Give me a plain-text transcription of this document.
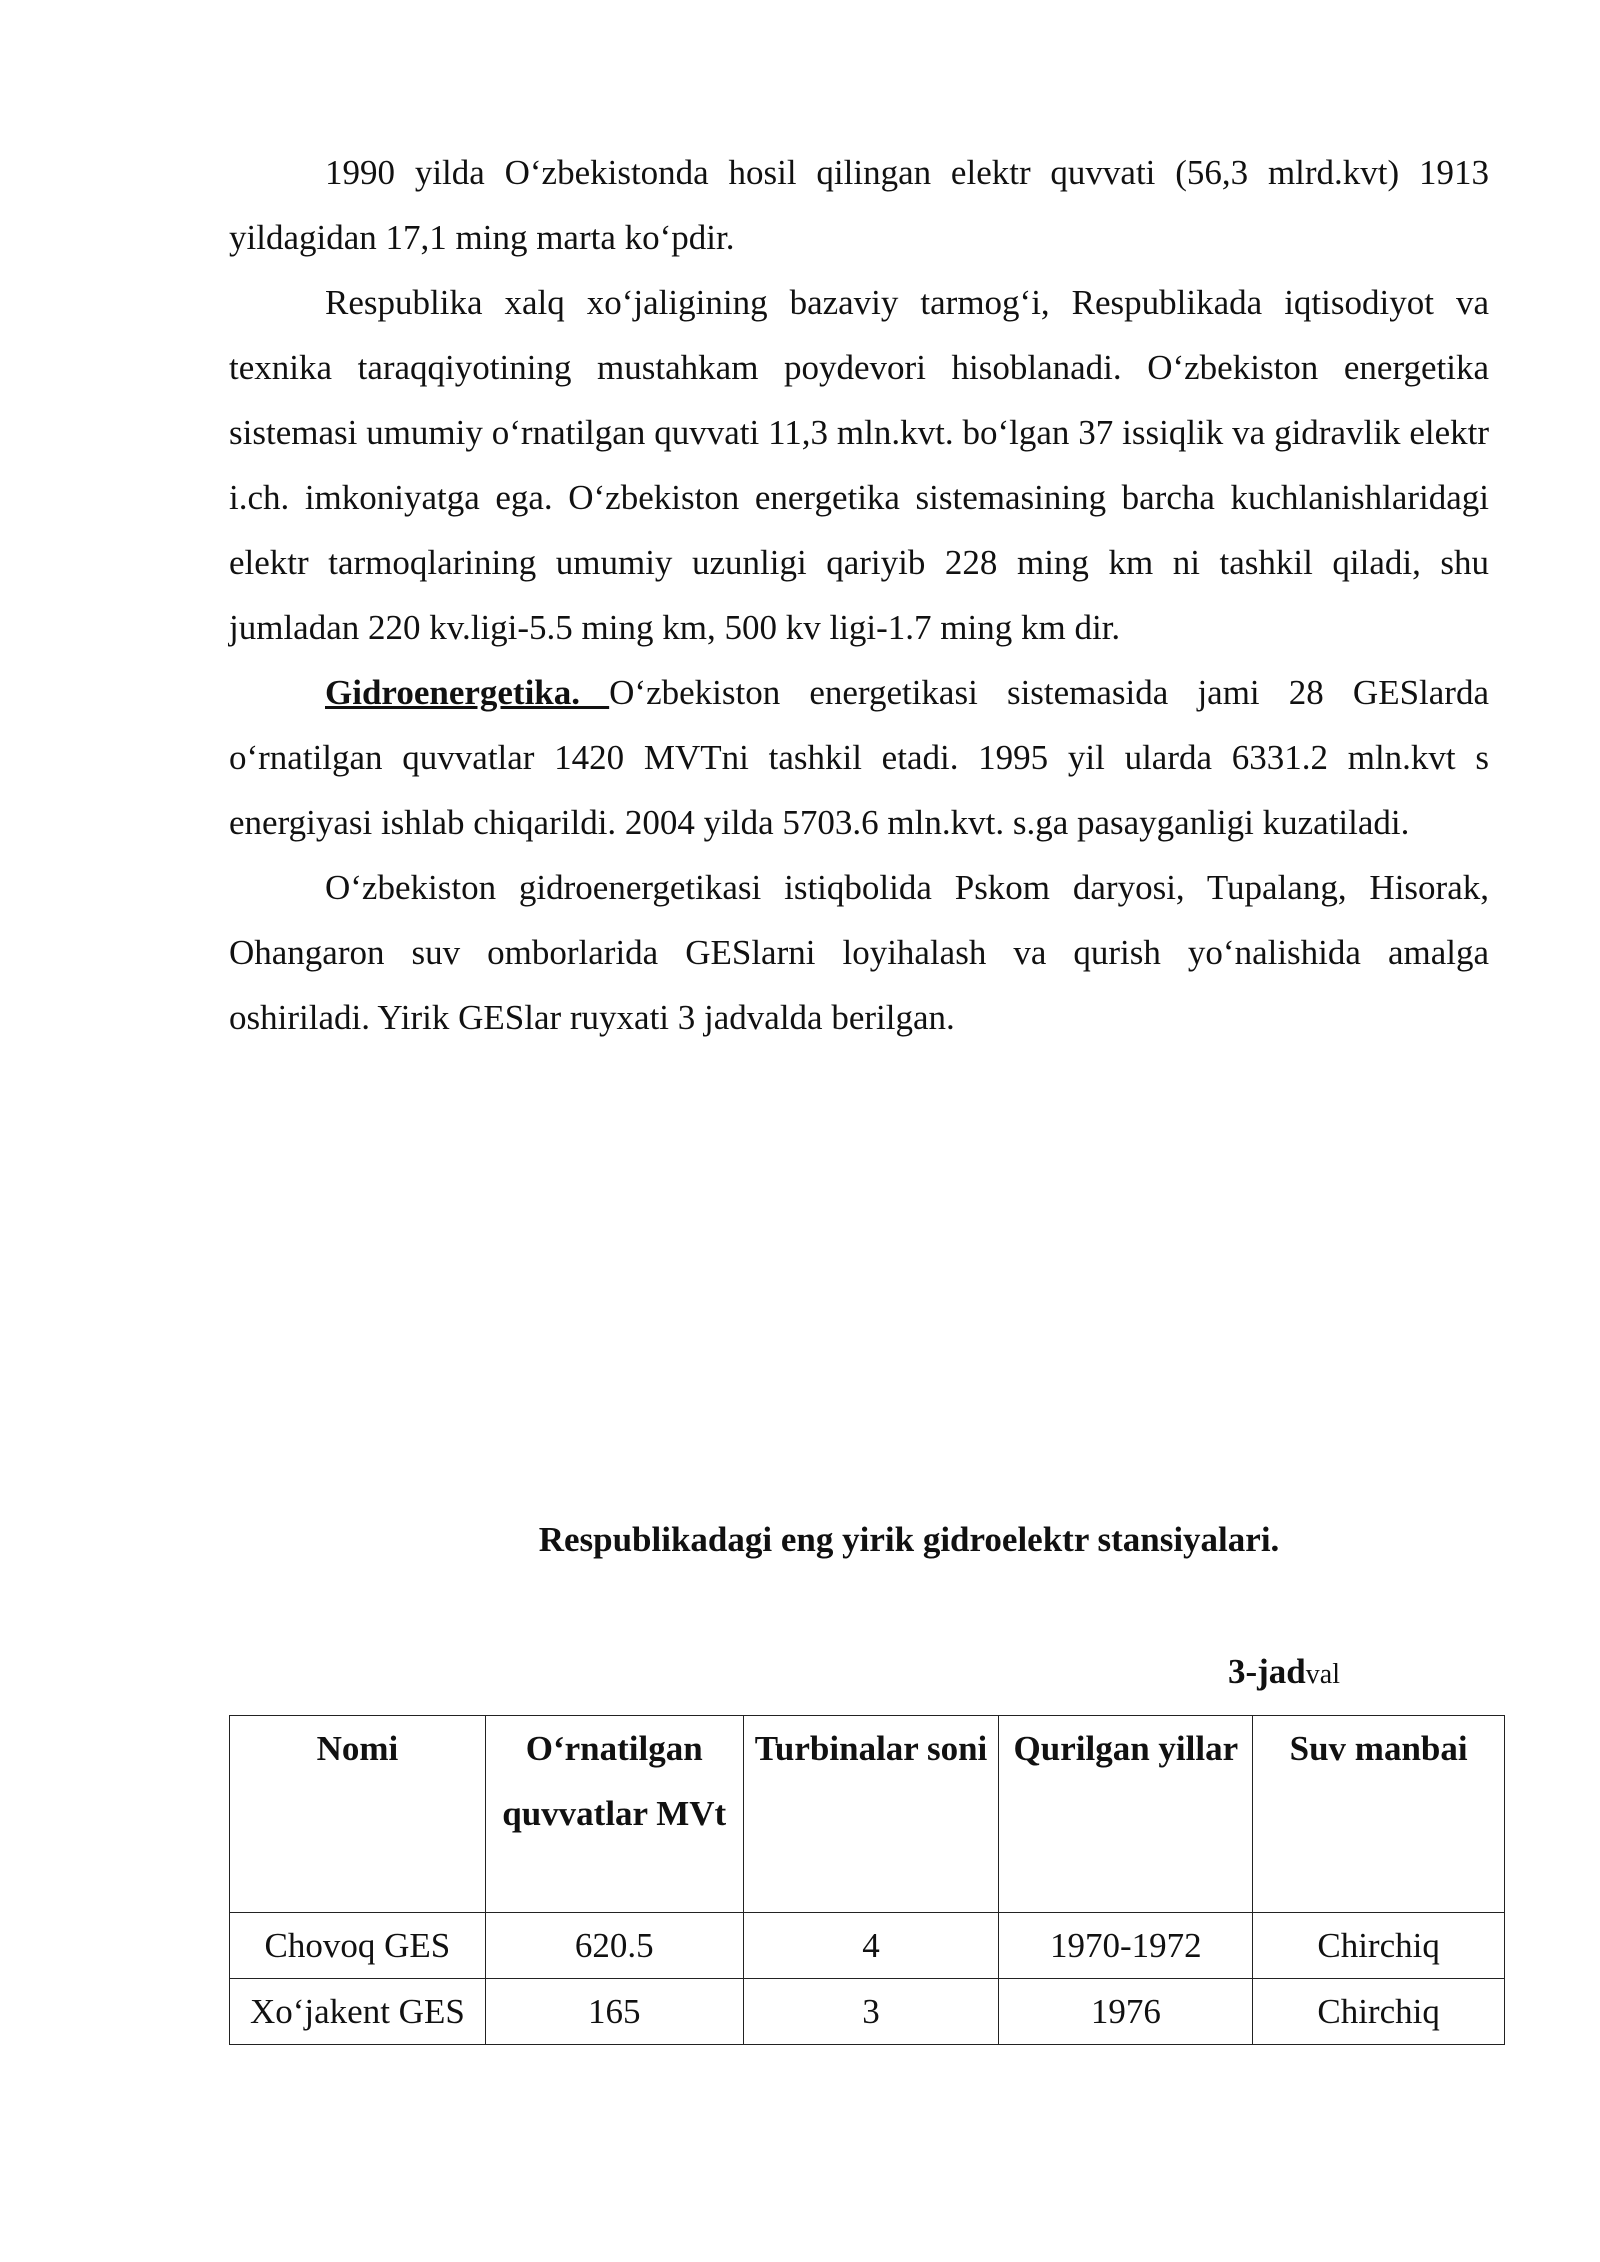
1990 yilda O‘zbekistonda hosil qilingan elektr quvvati (56,3 mlrd.kvt) 1913 yildagidan 17,1 ming marta ko‘pdir.

Respublika xalq xo‘jaligining bazaviy tarmog‘i, Respublikada iqtisodiyot va texnika taraqqiyotining mustahkam poydevori hisoblanadi. O‘zbekiston energetika sistemasi umumiy o‘rnatilgan quvvati 11,3 mln.kvt. bo‘lgan 37 issiqlik va gidravlik elektr i.ch. imkoniyatga ega. O‘zbekiston energetika sistemasining barcha kuchlanishlaridagi elektr tarmoqlarining umumiy uzunligi qariyib 228 ming km ni tashkil qiladi, shu jumladan 220 kv.ligi-5.5 ming km, 500 kv ligi-1.7 ming km dir.

Gidroenergetika. O‘zbekiston energetikasi sistemasida jami 28 GESlarda o‘rnatilgan quvvatlar 1420 MVTni tashkil etadi. 1995 yil ularda 6331.2 mln.kvt s energiyasi ishlab chiqarildi. 2004 yilda 5703.6 mln.kvt. s.ga pasayganligi kuzatiladi.

O‘zbekiston gidroenergetikasi istiqbolida Pskom daryosi, Tupalang, Hisorak, Ohangaron suv omborlarida GESlarni loyihalash va qurish yo‘nalishida amalga oshiriladi. Yirik GESlar ruyxati 3 jadvalda berilgan.

Respublikadagi eng yirik gidroelektr stansiyalari.
3-jadval
Nomi	O‘rnatilgan quvvatlar MVt	Turbinalar soni	Qurilgan yillar	Suv manbai
Chovoq GES	620.5	4	1970-1972	Chirchiq
Xo‘jakent GES	165	3	1976	Chirchiq
